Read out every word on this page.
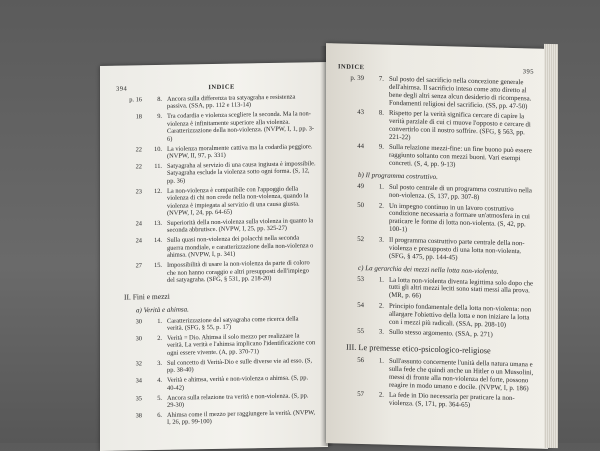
394	INDICE
p. 16	8. Ancora sulla differenza tra satyagraha e resistenza passiva. (SSA, pp. 112 e 113-14)
18	9. Tra codardia e violenza scegliere la seconda. Ma la non-violenza è infinitamente superiore alla violenza. Caratterizzazione della non-violenza. (NVPW, I, 1, pp. 3-6)
22	10. La violenza moralmente cattiva ma la codardia peggiore. (NVPW, II, 97, p. 331)
22	11. Satyagraha al servizio di una causa ingiusta è impossibile. Satyagraha esclude la violenza sotto ogni forma. (S, 12, pp. 36)
23	12. La non-violenza è compatibile con l'appoggio della violenza di chi non crede nella non-violenza, quando la violenza è impiegata al servizio di una causa giusta. (NVPW, I, 24, pp. 64-65)
24	13. Superiorità della non-violenza sulla violenza in quanto la seconda abbrutisce. (NVPW, I, 25, pp. 325-27)
24	14. Sulla quasi non-violenza dei polacchi nella seconda guerra mondiale, e caratterizzazione della non-violenza o ahimsa. (NVPW, I, p. 341)
27	15. Impossibilità di usare la non-violenza da parte di coloro che non hanno coraggio e altri presupposti dell'impiego del satyagraha. (SFG, § 531, pp. 218-20)
II. Fini e mezzi
a) Verità e ahimsa.
30	1. Caratterizzazione del satyagraha come ricerca della verità. (SFG, § 55, p. 17)
30	2. Verità = Dio. Ahimsa il solo mezzo per realizzare la verità. La verità e l'ahimsa implicano l'identificazione con ogni essere vivente. (A, pp. 370-71)
32	3. Sul concetto di Verità-Dio e sulle diverse vie ad esso. (S, pp. 38-40)
34	4. Verità e ahimsa, verità e non-violenza o ahimsa. (S, pp. 40-42)
35	5. Ancora sulla relazione tra verità e non-violenza. (S, pp. 29-30)
38	6. Ahimsa come il mezzo per raggiungere la verità. (NVPW, I, 26, pp. 99-100)
INDICE
395
p. 39	7. Sul posto del sacrificio nella concezione generale dell'ahimsa. Il sacrificio inteso come atto diretto al bene degli altri senza alcun desiderio di ricompensa. Fondamenti religiosi del sacrificio. (SS, pp. 47-50)
43	8. Rispetto per la verità significa cercare di capire la verità parziale di cui ci muove l'opposto e cercare di convertirlo con il nostro soffrire. (SFG, § 563, pp. 221-22)
44	9. Sulla relazione mezzi-fine: un fine buono può essere raggiunto soltanto con mezzi buoni. Vari esempi concreti. (S, 4, pp. 9-13)
b) Il programma costruttivo.
49	1. Sul posto centrale di un programma costruttivo nella non-violenza. (S, 137, pp. 307-8)
50	2. Un impegno continuo in un lavoro costruttivo condizione necessaria a formare un'atmosfera in cui praticare le forme di lotta non-violenta. (S, 42, pp. 100-1)
52	3. Il programma costruttivo parte centrale della non-violenza e presupposto di una lotta non-violenta. (SFG, § 475, pp. 144-45)
c) La gerarchia dei mezzi nella lotta non-violenta.
53	1. La lotta non-violenta diventa legittima solo dopo che tutti gli altri mezzi leciti sono stati messi alla prova. (MR, p. 66)
54	2. Principio fondamentale della lotta non-violenta: non allargare l'obiettivo della lotta e non iniziare la lotta con i mezzi più radicali. (SSA, pp. 208-10)
55	3. Sullo stesso argomento. (SSA, p. 271)
III. Le premesse etico-psicologico-religiose
56	1. Sull'assunto concernente l'unità della natura umana e sulla fede che quindi anche un Hitler o un Mussolini, messi di fronte alla non-violenza del forte, possono reagire in modo umano e docile. (NVPW, I, p. 186)
57	2. La fede in Dio necessaria per praticare la non-violenza. (S, 171, pp. 364-65)
